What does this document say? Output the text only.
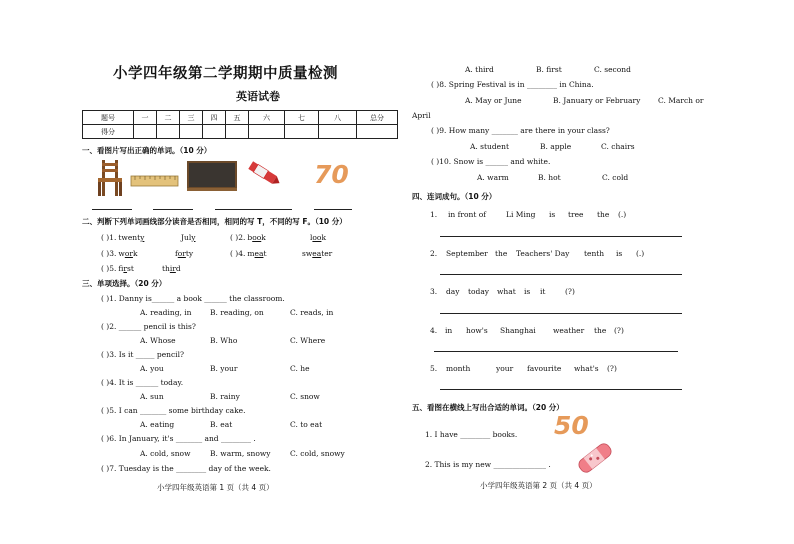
小学四年级第二学期期中质量检测
英语试卷
题号	一	二	三	四	五	六	七	八	总分
得分									
一、看图片写出正确的单词。（10 分）
70
二、判断下列单词画线部分读音是否相同，相同的写 T，不同的写 F。（10 分）
( )1. twenty	July	( )2. book	look
( )3. work	forty	( )4. meat	sweater
( )5. first	third
三、单项选择。（20 分）
( )1. Danny is______ a book ______ the classroom.
A. reading, in B. reading, on	C. reads, in
( )2. ______ pencil is this?
A. Whose	B. Who	C. Where
( )3. Is it _____ pencil?
A. you	B. your	C. he
( )4. It is ______ today.
A. sun	B. rainy	C. snow
( )5. I can _______ some birthday cake.
A. eating	B. eat	C. to eat
( )6. In January, it's _______ and ________ .
A. cold, snow	B. warm, snowy	C. cold, snowy
( )7. Tuesday is the ________ day of the week.
小学四年级英语第 1 页（共 4 页）
A. third	B. first	C. second
( )8. Spring Festival is in ________ in China.
A. May or June	B. January or February C. March or
April
( )9. How many _______ are there in your class?
A. student	B. apple	C. chairs
( )10. Snow is ______ and white.
A. warm	B. hot	C. cold
四、连词成句。（10 分）
1. in front of	Li Ming is tree the (.)
2. September the Teachers' Day tenth is (.)
3. day today what is it	(?)
4. in how's Shanghai weather the (?)
5. month	your favourite what's (?)
五、看图在横线上写出合适的单词。（20 分）
1. I have ________ books. 50
2. This is my new ______________ .
小学四年级英语第 2 页（共 4 页）
